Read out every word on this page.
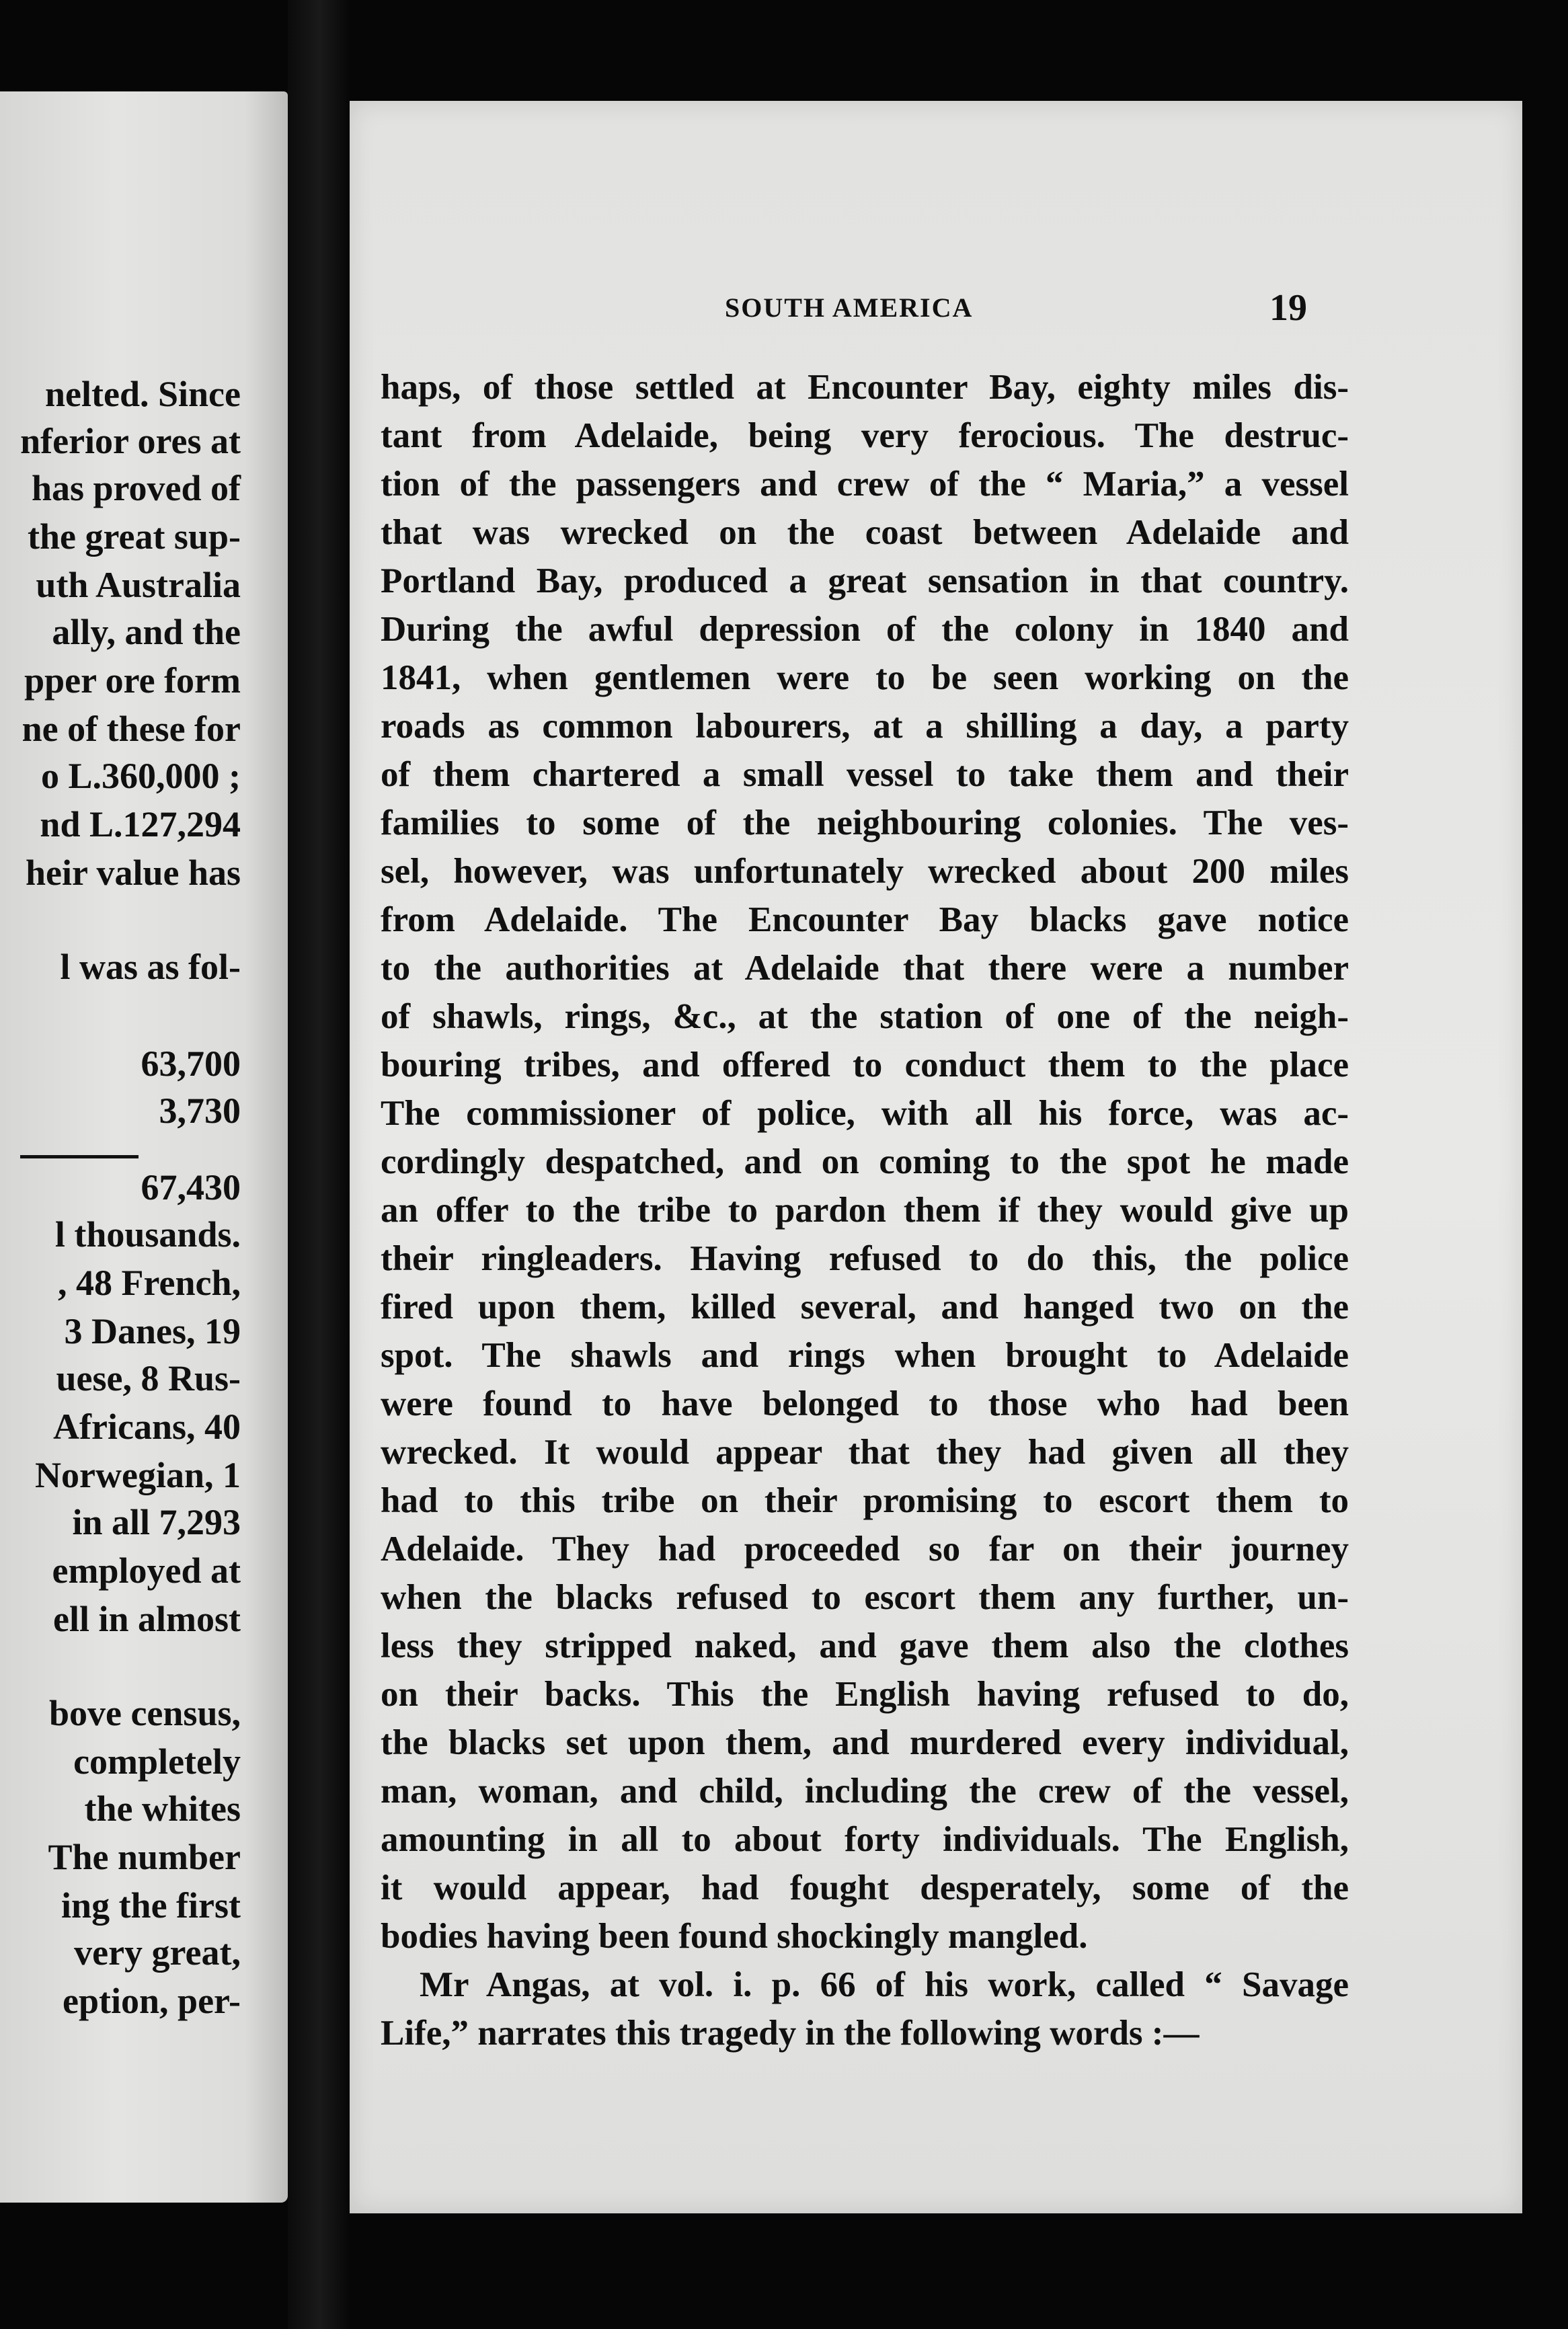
nelted. Since
nferior ores at
has proved of
the great sup-
uth Australia
ally, and the
pper ore form
ne of these for
o L.360,000 ;
nd L.127,294
heir value has
l was as fol-
63,700
3,730
67,430
l thousands.
, 48 French,
3 Danes, 19
uese, 8 Rus-
Africans, 40
Norwegian, 1
in all 7,293
employed at
ell in almost
bove census,
completely
the whites
The number
ing the first
very great,
eption, per-
SOUTH AMERICA	19
haps, of those settled at Encounter Bay, eighty miles dis-
tant from Adelaide, being very ferocious. The destruc-
tion of the passengers and crew of the “ Maria,” a vessel
that was wrecked on the coast between Adelaide and
Portland Bay, produced a great sensation in that country.
During the awful depression of the colony in 1840 and
1841, when gentlemen were to be seen working on the
roads as common labourers, at a shilling a day, a party
of them chartered a small vessel to take them and their
families to some of the neighbouring colonies. The ves-
sel, however, was unfortunately wrecked about 200 miles
from Adelaide. The Encounter Bay blacks gave notice
to the authorities at Adelaide that there were a number
of shawls, rings, &c., at the station of one of the neigh-
bouring tribes, and offered to conduct them to the place
The commissioner of police, with all his force, was ac-
cordingly despatched, and on coming to the spot he made
an offer to the tribe to pardon them if they would give up
their ringleaders. Having refused to do this, the police
fired upon them, killed several, and hanged two on the
spot. The shawls and rings when brought to Adelaide
were found to have belonged to those who had been
wrecked. It would appear that they had given all they
had to this tribe on their promising to escort them to
Adelaide. They had proceeded so far on their journey
when the blacks refused to escort them any further, un-
less they stripped naked, and gave them also the clothes
on their backs. This the English having refused to do,
the blacks set upon them, and murdered every individual,
man, woman, and child, including the crew of the vessel,
amounting in all to about forty individuals. The English,
it would appear, had fought desperately, some of the
bodies having been found shockingly mangled.
Mr Angas, at vol. i. p. 66 of his work, called “ Savage
Life,” narrates this tragedy in the following words :—
